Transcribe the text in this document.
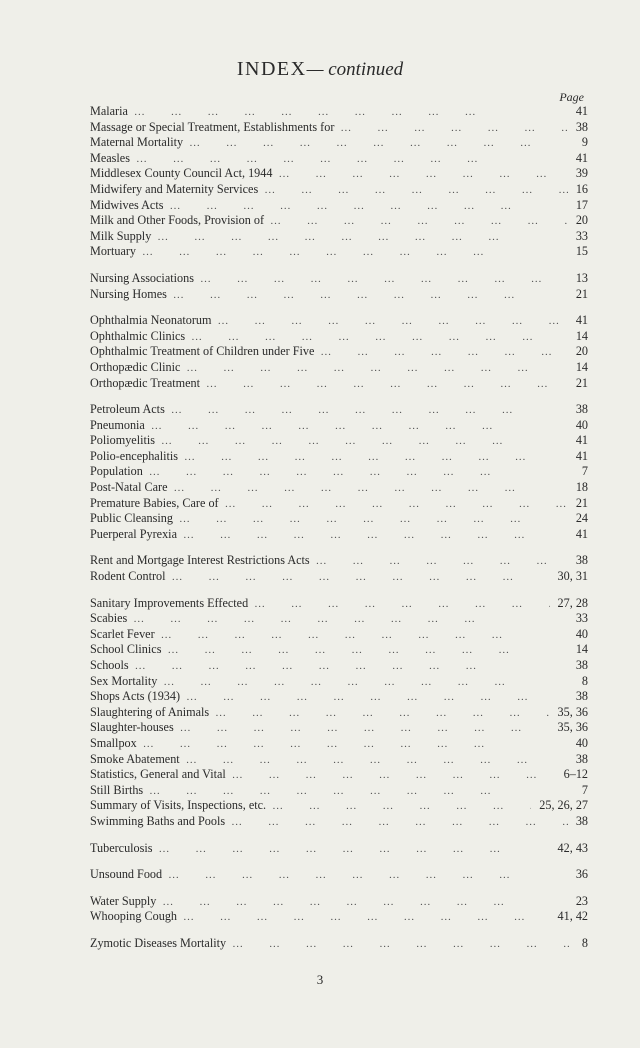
INDEX— continued
Page
Malaria …     …     …     …     …     …     …     …     …     …	41
Massage or Special Treatment, Establishments for …     …     …     …     …     …     …     …     …     …	38
Maternal Mortality …     …     …     …     …     …     …     …     …     …	9
Measles …     …     …     …     …     …     …     …     …     …	41
Middlesex County Council Act, 1944 …     …     …     …     …     …     …     …     …     …	39
Midwifery and Maternity Services …     …     …     …     …     …     …     …     …     …	16
Midwives Acts …     …     …     …     …     …     …     …     …     …	17
Milk and Other Foods, Provision of …     …     …     …     …     …     …     …     …     …	20
Milk Supply …     …     …     …     …     …     …     …     …     …	33
Mortuary …     …     …     …     …     …     …     …     …     …	15
Nursing Associations …     …     …     …     …     …     …     …     …     …	13
Nursing Homes …     …     …     …     …     …     …     …     …     …	21
Ophthalmia Neonatorum …     …     …     …     …     …     …     …     …     …	41
Ophthalmic Clinics …     …     …     …     …     …     …     …     …     …	14
Ophthalmic Treatment of Children under Five …     …     …     …     …     …     …     …     …     …	20
Orthopædic Clinic …     …     …     …     …     …     …     …     …     …	14
Orthopædic Treatment …     …     …     …     …     …     …     …     …     …	21
Petroleum Acts …     …     …     …     …     …     …     …     …     …	38
Pneumonia …     …     …     …     …     …     …     …     …     …	40
Poliomyelitis …     …     …     …     …     …     …     …     …     …	41
Polio-encephalitis …     …     …     …     …     …     …     …     …     …	41
Population …     …     …     …     …     …     …     …     …     …	7
Post-Natal Care …     …     …     …     …     …     …     …     …     …	18
Premature Babies, Care of …     …     …     …     …     …     …     …     …     …	21
Public Cleansing …     …     …     …     …     …     …     …     …     …	24
Puerperal Pyrexia …     …     …     …     …     …     …     …     …     …	41
Rent and Mortgage Interest Restrictions Acts …     …     …     …     …     …     …     …     …     …	38
Rodent Control …     …     …     …     …     …     …     …     …     …	30, 31
Sanitary Improvements Effected …     …     …     …     …     …     …     …     …     …	27, 28
Scabies …     …     …     …     …     …     …     …     …     …	33
Scarlet Fever …     …     …     …     …     …     …     …     …     …	40
School Clinics …     …     …     …     …     …     …     …     …     …	14
Schools …     …     …     …     …     …     …     …     …     …	38
Sex Mortality …     …     …     …     …     …     …     …     …     …	8
Shops Acts (1934) …     …     …     …     …     …     …     …     …     …	38
Slaughtering of Animals …     …     …     …     …     …     …     …     …     …	35, 36
Slaughter-houses …     …     …     …     …     …     …     …     …     …	35, 36
Smallpox …     …     …     …     …     …     …     …     …     …	40
Smoke Abatement …     …     …     …     …     …     …     …     …     …	38
Statistics, General and Vital …     …     …     …     …     …     …     …     …     …	6–12
Still Births …     …     …     …     …     …     …     …     …     …	7
Summary of Visits, Inspections, etc. …     …     …     …     …     …     …     …     …     …	25, 26, 27
Swimming Baths and Pools …     …     …     …     …     …     …     …     …     …	38
Tuberculosis …     …     …     …     …     …     …     …     …     …	42, 43
Unsound Food …     …     …     …     …     …     …     …     …     …	36
Water Supply …     …     …     …     …     …     …     …     …     …	23
Whooping Cough …     …     …     …     …     …     …     …     …     …	41, 42
Zymotic Diseases Mortality …     …     …     …     …     …     …     …     …     …	8
3
